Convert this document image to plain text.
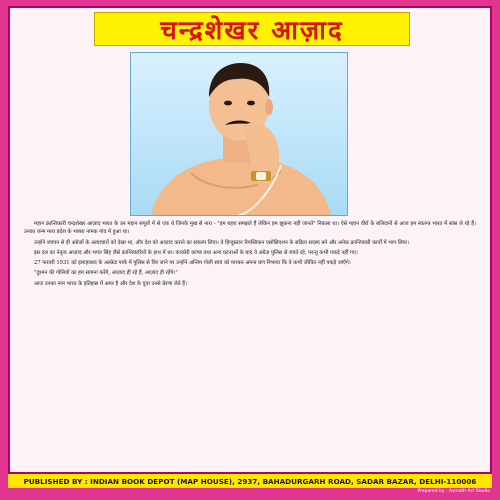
चन्द्रशेखर आज़ाद

महान क्रान्तिकारी चन्द्रशेखर आज़ाद भारत के उन महान सपूतों में से एक थे जिनके मुख से नारा - "हम बहरा समझते हैं लेकिन हम झुकना नहीं जानते" निकला था। ऐसे महान वीरों के बलिदानों से आज हम स्वतन्त्र भारत में सांस ले रहे हैं। उनका जन्म मध्य प्रदेश के भाबरा नामक गांव में हुआ था।

उन्होंने बचपन से ही अंग्रेजों के अत्याचारों को देखा था, और देश को आज़ाद कराने का संकल्प लिया। वे हिन्दुस्तान रिपब्लिकन एसोसिएशन के सक्रिय सदस्य बने और अनेक क्रान्तिकारी कार्यों में भाग लिया।

इस दल का नेतृत्व आज़ाद और भगत सिंह जैसे क्रान्तिकारियों के हाथ में था। काकोरी काण्ड तथा अन्य घटनाओं के बाद वे अंग्रेज़ पुलिस से बचते रहे, परन्तु कभी पकड़े नहीं गए।

27 फरवरी 1931 को इलाहाबाद के अल्फ्रेड पार्क में पुलिस से घिर जाने पर उन्होंने अन्तिम गोली स्वयं को मारकर अपना प्रण निभाया कि वे कभी जीवित नहीं पकड़े जाएँगे।

"दुश्मन की गोलियों का हम सामना करेंगे, आज़ाद ही रहे हैं, आज़ाद ही रहेंगे।"

आज उनका नाम भारत के इतिहास में अमर है और देश के युवा उनसे प्रेरणा लेते हैं।

PUBLISHED BY : INDIAN BOOK DEPOT (MAP HOUSE), 2937, BAHADURGARH ROAD, SADAR BAZAR, DELHI-110006
Prepared by : Azmath Art Studio
